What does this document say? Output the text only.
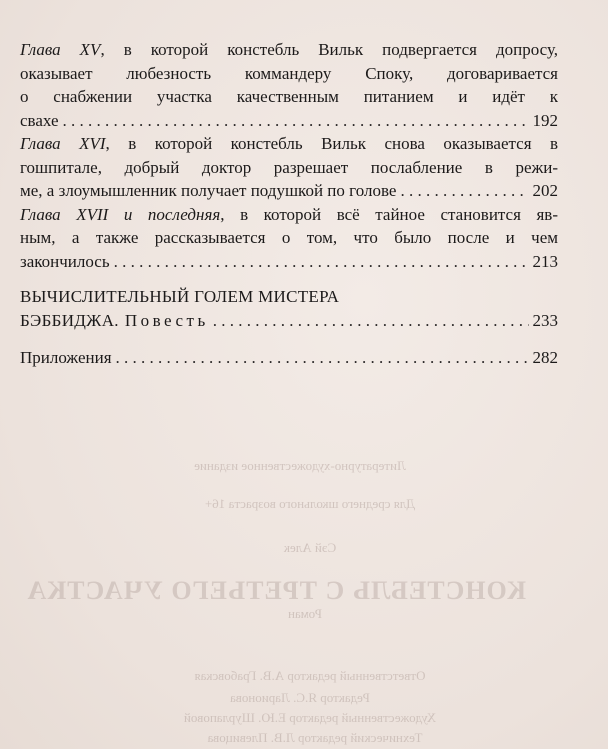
Литературно-художественное издание
Для среднего школьного возраста 16+
Сэй Алек
КОНСТЕБЛЬ С ТРЕТЬЕГО УЧАСТКА
Роман
Ответственный редактор А.В. Грабовская
Редактор Я.С. Ларионова
Художественный редактор Е.Ю. Шурлаповой
Технический редактор Л.В. Плевицова
Глава XV, в которой констебль Вильк подвергается допросу,
оказывает любезность коммандеру Споку, договаривается
о снабжении участка качественным питанием и идёт к
свахе . . .	192
Глава XVI, в которой констебль Вильк снова оказывается в
гошпитале, добрый доктор разрешает послабление в режи-
ме, а злоумышленник получает подушкой по голове . . .	202
Глава XVII и последняя, в которой всё тайное становится яв-
ным, а также рассказывается о том, что было после и чем
закончилось . . .	213
ВЫЧИСЛИТЕЛЬНЫЙ ГОЛЕМ МИСТЕРА
БЭББИДЖА. Повесть . . .	233
Приложения . . .	282
